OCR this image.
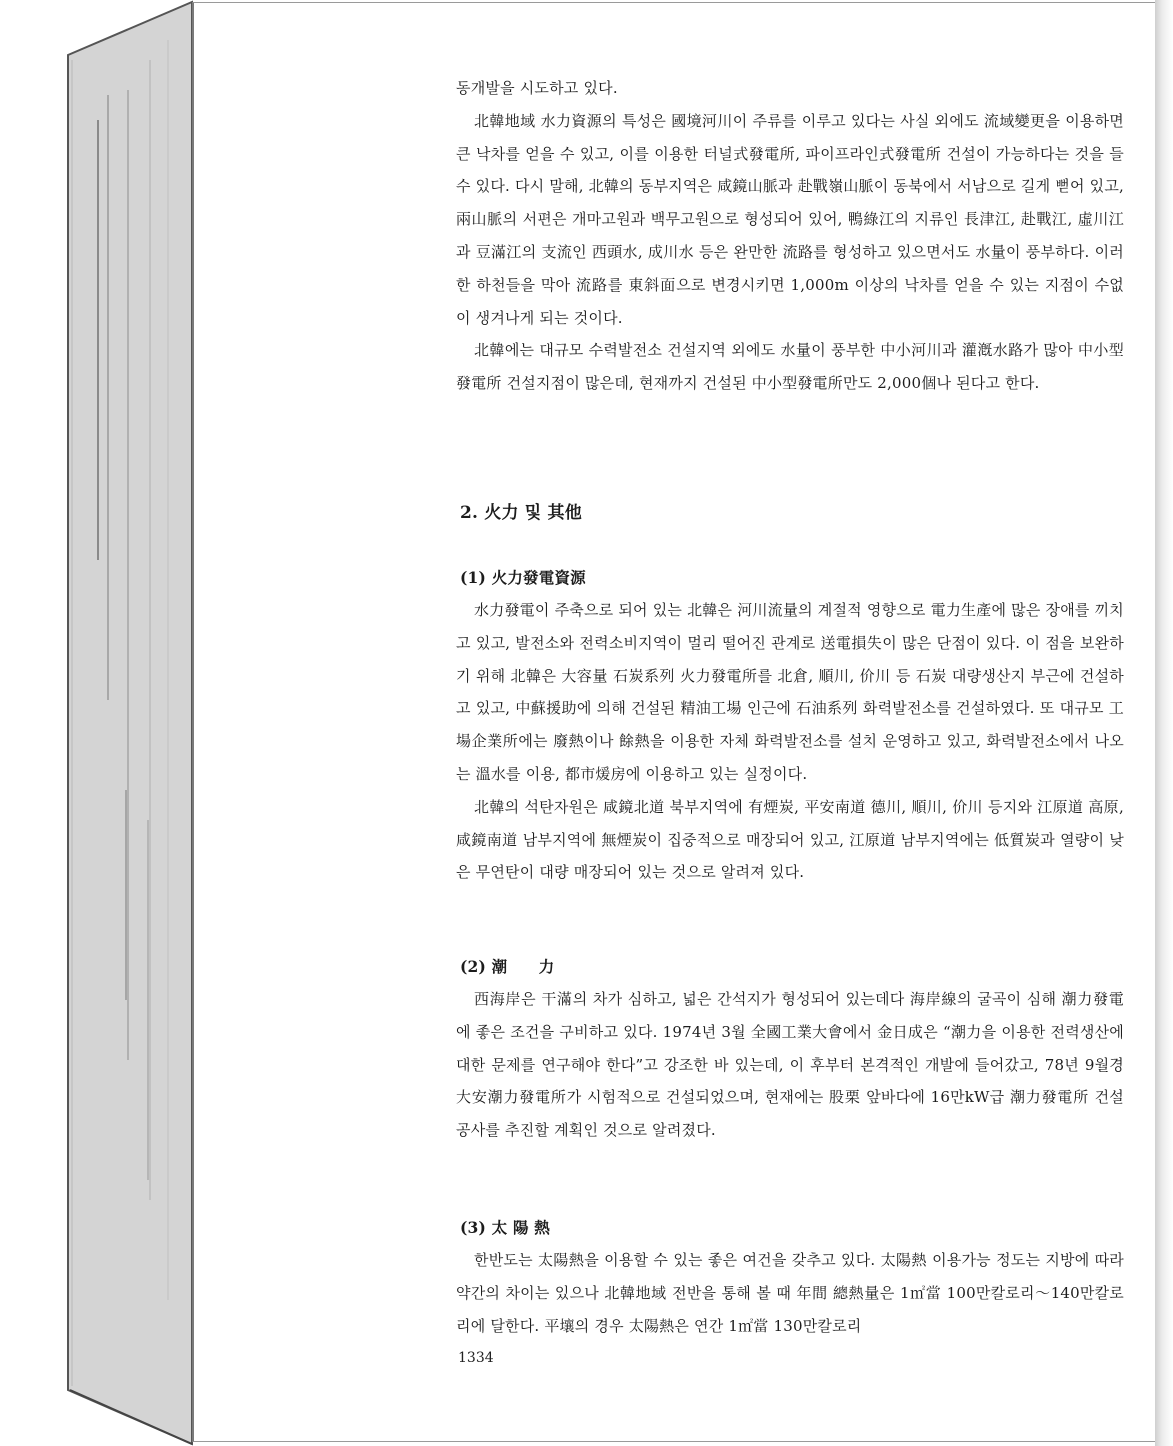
동개발을 시도하고 있다.

北韓地域 水力資源의 특성은 國境河川이 주류를 이루고 있다는 사실 외에도 流域變更을 이용하면 큰 낙차를 얻을 수 있고, 이를 이용한 터널式發電所, 파이프라인式發電所 건설이 가능하다는 것을 들 수 있다. 다시 말해, 北韓의 동부지역은 咸鏡山脈과 赴戰嶺山脈이 동북에서 서남으로 길게 뻗어 있고, 兩山脈의 서편은 개마고원과 백무고원으로 형성되어 있어, 鴨綠江의 지류인 長津江, 赴戰江, 虛川江과 豆滿江의 支流인 西頭水, 成川水 등은 완만한 流路를 형성하고 있으면서도 水量이 풍부하다. 이러한 하천들을 막아 流路를 東斜面으로 변경시키면 1,000m 이상의 낙차를 얻을 수 있는 지점이 수없이 생겨나게 되는 것이다.

北韓에는 대규모 수력발전소 건설지역 외에도 水量이 풍부한 中小河川과 灌漑水路가 많아 中小型發電所 건설지점이 많은데, 현재까지 건설된 中小型發電所만도 2,000個나 된다고 한다.

2. 火力 및 其他

(1) 火力發電資源

水力發電이 주축으로 되어 있는 北韓은 河川流量의 계절적 영향으로 電力生產에 많은 장애를 끼치고 있고, 발전소와 전력소비지역이 멀리 떨어진 관계로 送電損失이 많은 단점이 있다. 이 점을 보완하기 위해 北韓은 大容量 石炭系列 火力發電所를 北倉, 順川, 价川 등 石炭 대량생산지 부근에 건설하고 있고, 中蘇援助에 의해 건설된 精油工場 인근에 石油系列 화력발전소를 건설하였다. 또 대규모 工場企業所에는 廢熱이나 餘熱을 이용한 자체 화력발전소를 설치 운영하고 있고, 화력발전소에서 나오는 溫水를 이용, 都市煖房에 이용하고 있는 실정이다.

北韓의 석탄자원은 咸鏡北道 북부지역에 有煙炭, 平安南道 德川, 順川, 价川 등지와 江原道 高原, 咸鏡南道 남부지역에 無煙炭이 집중적으로 매장되어 있고, 江原道 남부지역에는 低質炭과 열량이 낮은 무연탄이 대량 매장되어 있는 것으로 알려져 있다.

(2) 潮　　力

西海岸은 干滿의 차가 심하고, 넓은 간석지가 형성되어 있는데다 海岸線의 굴곡이 심해 潮力發電에 좋은 조건을 구비하고 있다. 1974년 3월 全國工業大會에서 金日成은 “潮力을 이용한 전력생산에 대한 문제를 연구해야 한다”고 강조한 바 있는데, 이 후부터 본격적인 개발에 들어갔고, 78년 9월경 大安潮力發電所가 시험적으로 건설되었으며, 현재에는 股栗 앞바다에 16만kW급 潮力發電所 건설공사를 추진할 계획인 것으로 알려졌다.

(3) 太 陽 熱

한반도는 太陽熱을 이용할 수 있는 좋은 여건을 갖추고 있다. 太陽熱 이용가능 정도는 지방에 따라 약간의 차이는 있으나 北韓地域 전반을 통해 볼 때 年間 總熱量은 1㎡當 100만칼로리～140만칼로리에 달한다. 平壤의 경우 太陽熱은 연간 1㎡當 130만칼로리

1334
